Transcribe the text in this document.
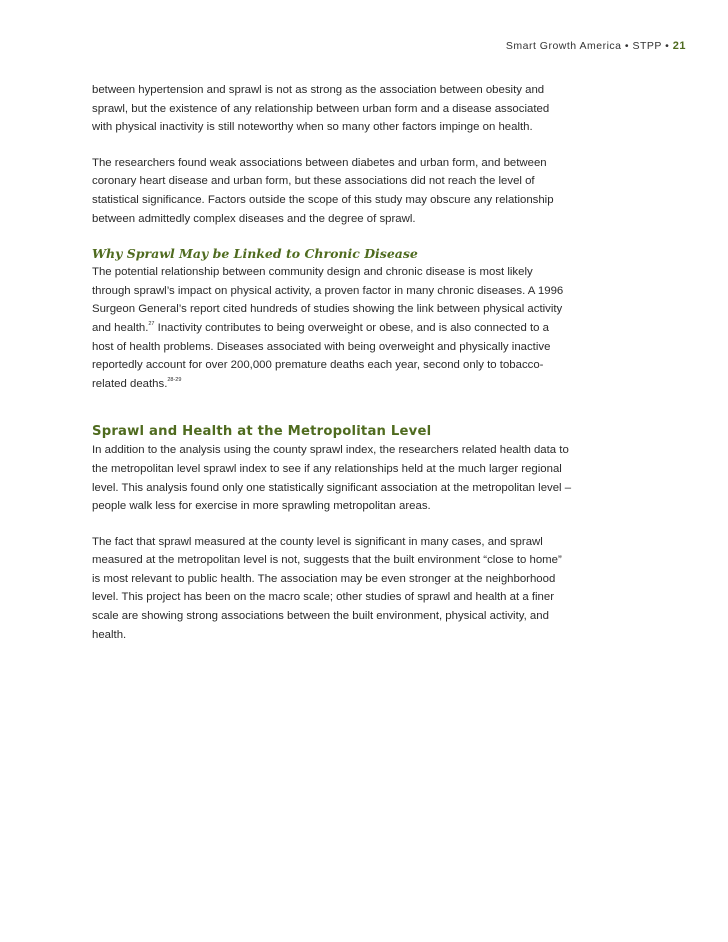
Smart Growth America • STPP • 21

between hypertension and sprawl is not as strong as the association between obesity and sprawl, but the existence of any relationship between urban form and a disease associated with physical inactivity is still noteworthy when so many other factors impinge on health.

The researchers found weak associations between diabetes and urban form, and between coronary heart disease and urban form, but these associations did not reach the level of statistical significance. Factors outside the scope of this study may obscure any relationship between admittedly complex diseases and the degree of sprawl.

Why Sprawl May be Linked to Chronic Disease

The potential relationship between community design and chronic disease is most likely through sprawl’s impact on physical activity, a proven factor in many chronic diseases. A 1996 Surgeon General’s report cited hundreds of studies showing the link between physical activity and health.$^{27}$ Inactivity contributes to being overweight or obese, and is also connected to a host of health problems. Diseases associated with being overweight and physically inactive reportedly account for over 200,000 premature deaths each year, second only to tobacco-related deaths.$^{28-29}$

Sprawl and Health at the Metropolitan Level

In addition to the analysis using the county sprawl index, the researchers related health data to the metropolitan level sprawl index to see if any relationships held at the much larger regional level. This analysis found only one statistically significant association at the metropolitan level – people walk less for exercise in more sprawling metropolitan areas.

The fact that sprawl measured at the county level is significant in many cases, and sprawl measured at the metropolitan level is not, suggests that the built environment “close to home” is most relevant to public health. The association may be even stronger at the neighborhood level. This project has been on the macro scale; other studies of sprawl and health at a finer scale are showing strong associations between the built environment, physical activity, and health.
